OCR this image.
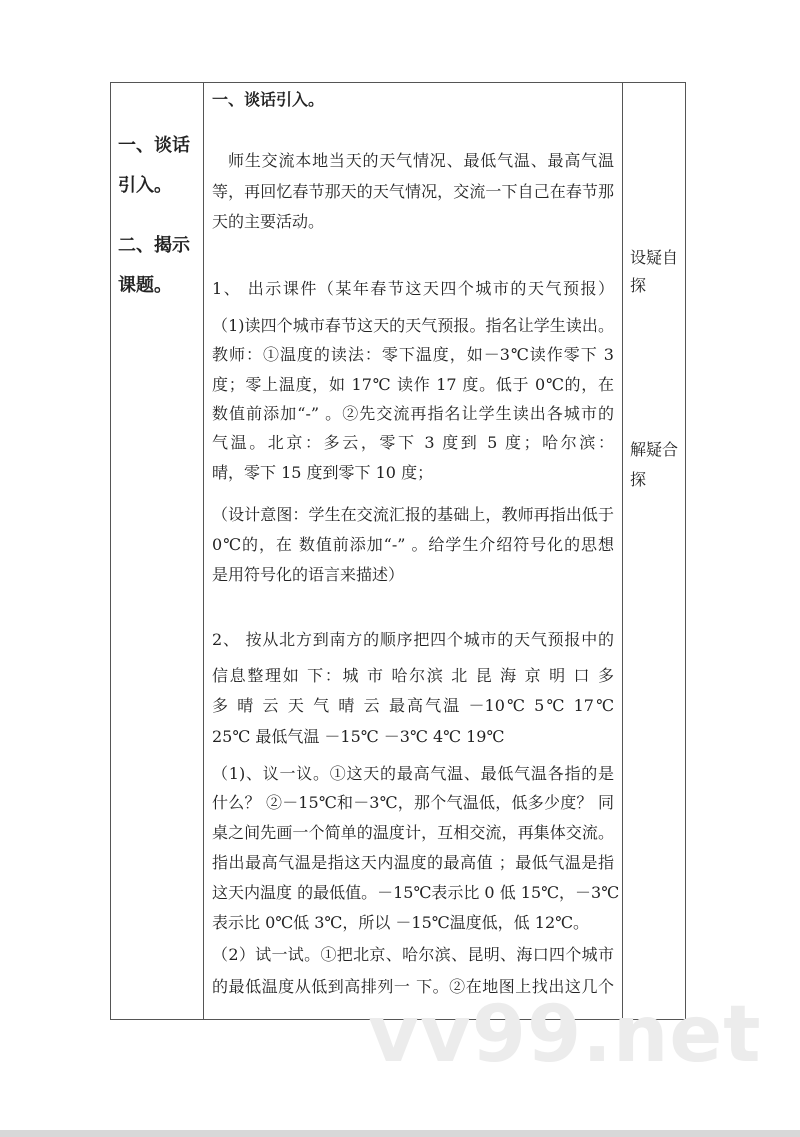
一、谈话
引入。
二、揭示
课题。
设疑自
探
解疑合
探
一、谈话引入。
师生交流本地当天的天气情况、最低气温、最高气温
等，再回忆春节那天的天气情况，交流一下自己在春节那
天的主要活动。
1、 出示课件（某年春节这天四个城市的天气预报）
（1)读四个城市春节这天的天气预报。指名让学生读出。
教师：①温度的读法：零下温度，如－3℃读作零下 3
度；零上温度，如 17℃ 读作 17 度。低于 0℃的，在
数值前添加“-” 。②先交流再指名让学生读出各城市的
气温。北京：多云，零下 3 度到 5 度；哈尔滨：
晴，零下 15 度到零下 10 度；
（设计意图：学生在交流汇报的基础上，教师再指出低于
0℃的，在 数值前添加“-” 。给学生介绍符号化的思想
是用符号化的语言来描述）
2、 按从北方到南方的顺序把四个城市的天气预报中的
信息整理如 下：城 市 哈尔滨 北 昆 海 京 明 口 多
多 晴 云 天 气 晴 云 最高气温 －10℃ 5℃ 17℃
25℃ 最低气温 －15℃ －3℃ 4℃ 19℃
（1)、议一议。①这天的最高气温、最低气温各指的是
什么？ ②－15℃和－3℃，那个气温低，低多少度？ 同
桌之间先画一个简单的温度计，互相交流，再集体交流。
指出最高气温是指这天内温度的最高值 ；最低气温是指
这天内温度 的最低值。－15℃表示比 0 低 15℃，－3℃
表示比 0℃低 3℃，所以 －15℃温度低，低 12℃。
（2）试一试。①把北京、哈尔滨、昆明、海口四个城市
的最低温度从低到高排列一 下。②在地图上找出这几个
vv99.net
